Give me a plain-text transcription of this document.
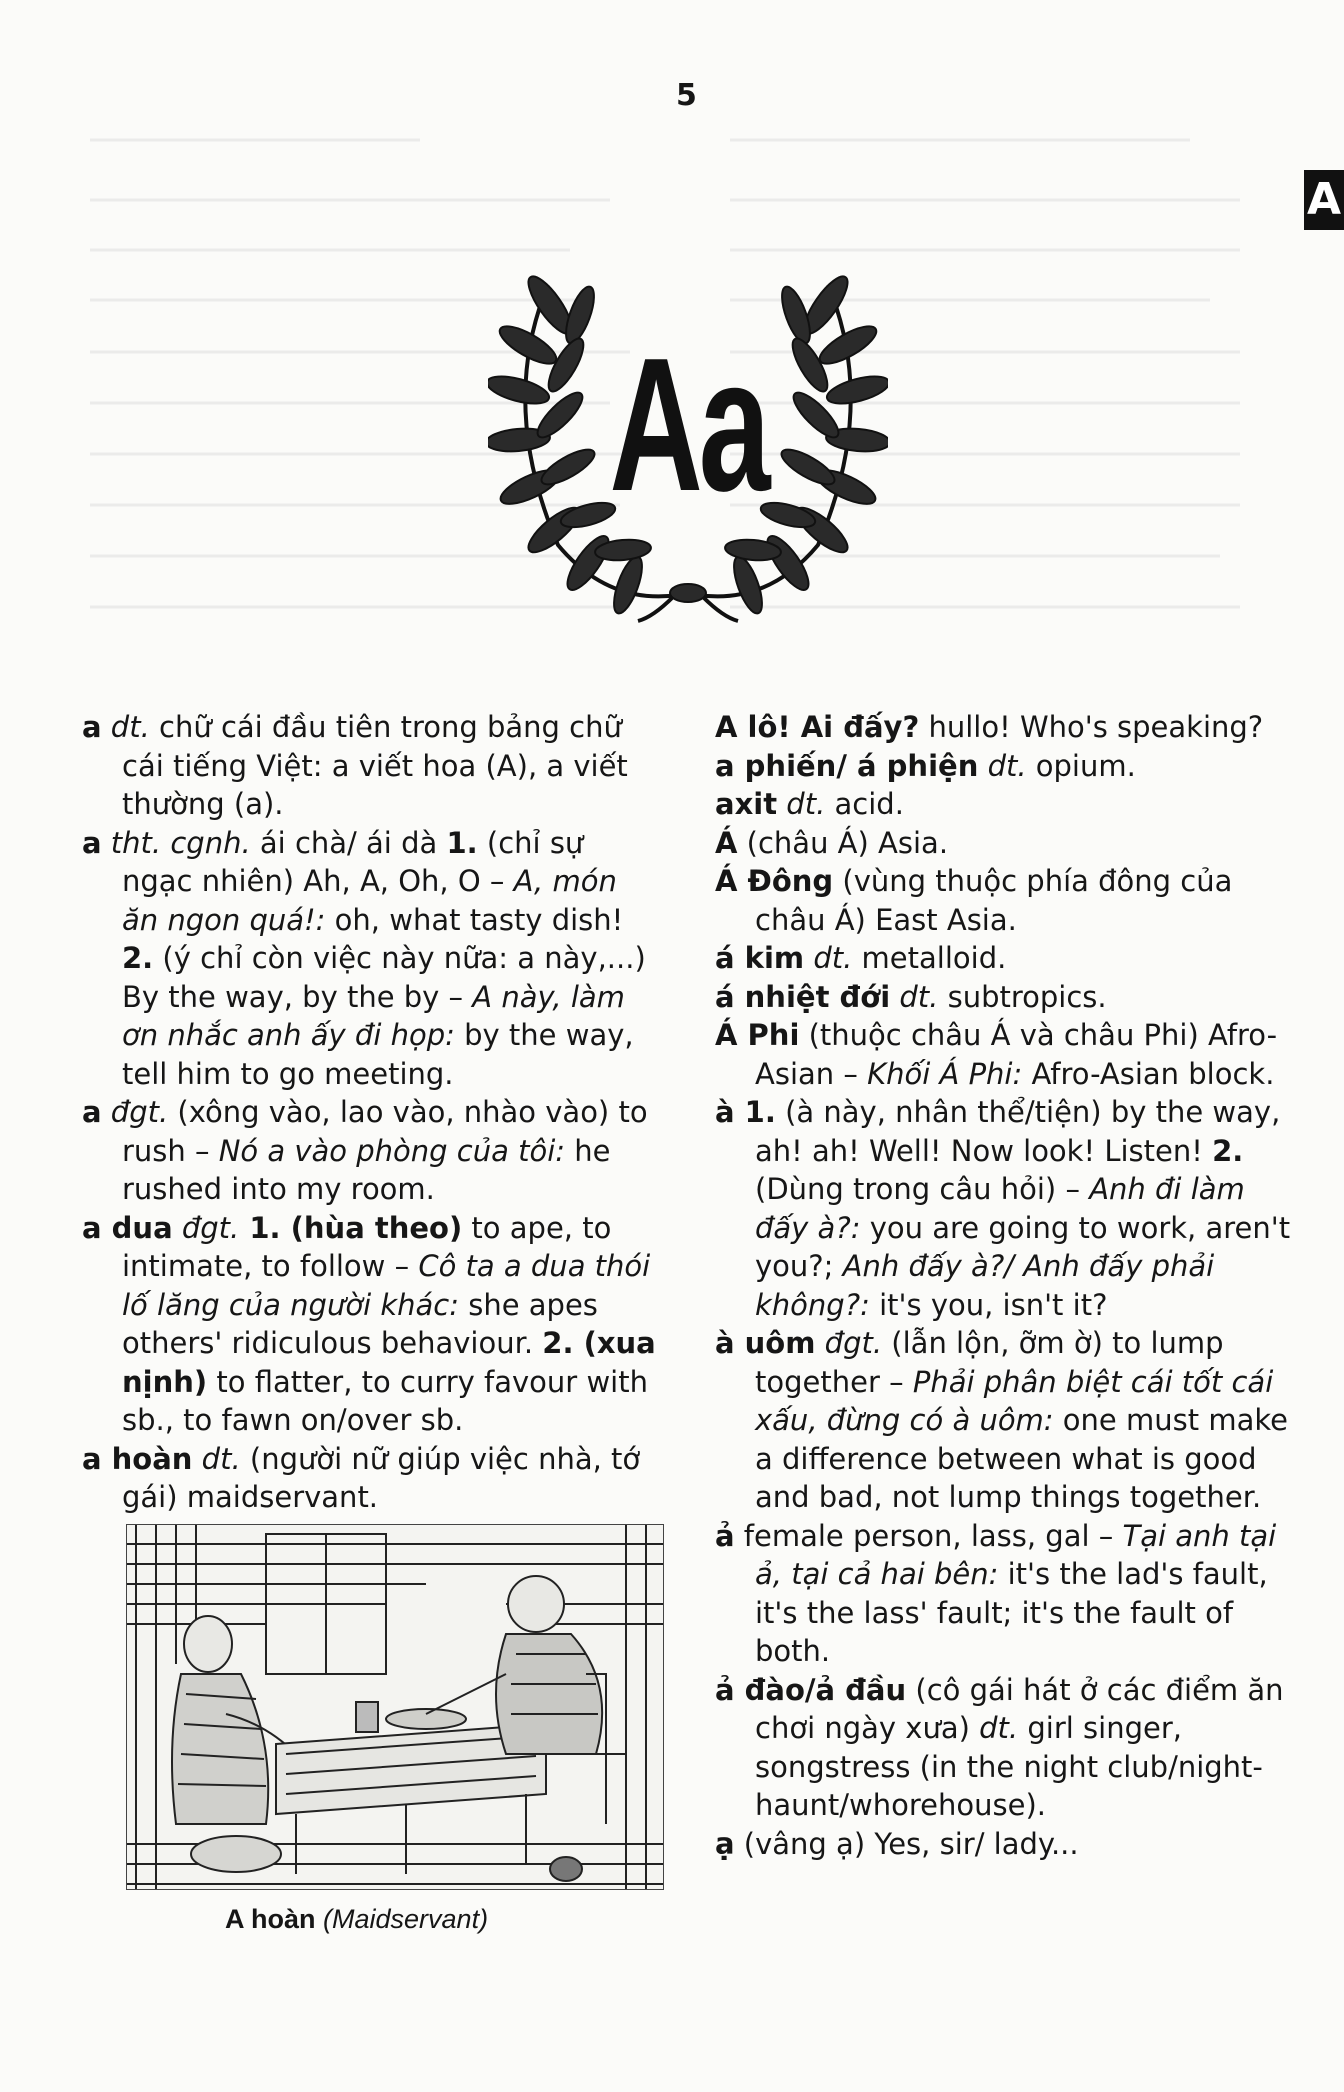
5
A
Aa

a dt. chữ cái đầu tiên trong bảng chữ cái tiếng Việt: a viết hoa (A), a viết thường (a).

a tht. cgnh. ái chà/ ái dà 1. (chỉ sự ngạc nhiên) Ah, A, Oh, O – A, món ăn ngon quá!: oh, what tasty dish! 2. (ý chỉ còn việc này nữa: a này,...) By the way, by the by – A này, làm ơn nhắc anh ấy đi họp: by the way, tell him to go meeting.

a đgt. (xông vào, lao vào, nhào vào) to rush – Nó a vào phòng của tôi: he rushed into my room.

a dua đgt. 1. (hùa theo) to ape, to intimate, to follow – Cô ta a dua thói lố lăng của người khác: she apes others' ridiculous behaviour. 2. (xua nịnh) to flatter, to curry favour with sb., to fawn on/over sb.

a hoàn dt. (người nữ giúp việc nhà, tớ gái) maidservant.

A hoàn (Maidservant)

A lô! Ai đấy? hullo! Who's speaking?

a phiến/ á phiện dt. opium.

axit dt. acid.

Á (châu Á) Asia.

Á Đông (vùng thuộc phía đông của châu Á) East Asia.

á kim dt. metalloid.

á nhiệt đới dt. subtropics.

Á Phi (thuộc châu Á và châu Phi) Afro-Asian – Khối Á Phi: Afro-Asian block.

à 1. (à này, nhân thể/tiện) by the way, ah! ah! Well! Now look! Listen! 2. (Dùng trong câu hỏi) – Anh đi làm đấy à?: you are going to work, aren't you?; Anh đấy à?/ Anh đấy phải không?: it's you, isn't it?

à uôm đgt. (lẫn lộn, ỡm ờ) to lump together – Phải phân biệt cái tốt cái xấu, đừng có à uôm: one must make a difference between what is good and bad, not lump things together.

ả female person, lass, gal – Tại anh tại ả, tại cả hai bên: it's the lad's fault, it's the lass' fault; it's the fault of both.

ả đào/ả đầu (cô gái hát ở các điểm ăn chơi ngày xưa) dt. girl singer, songstress (in the night club/night-haunt/whorehouse).

ạ (vâng ạ) Yes, sir/ lady...
